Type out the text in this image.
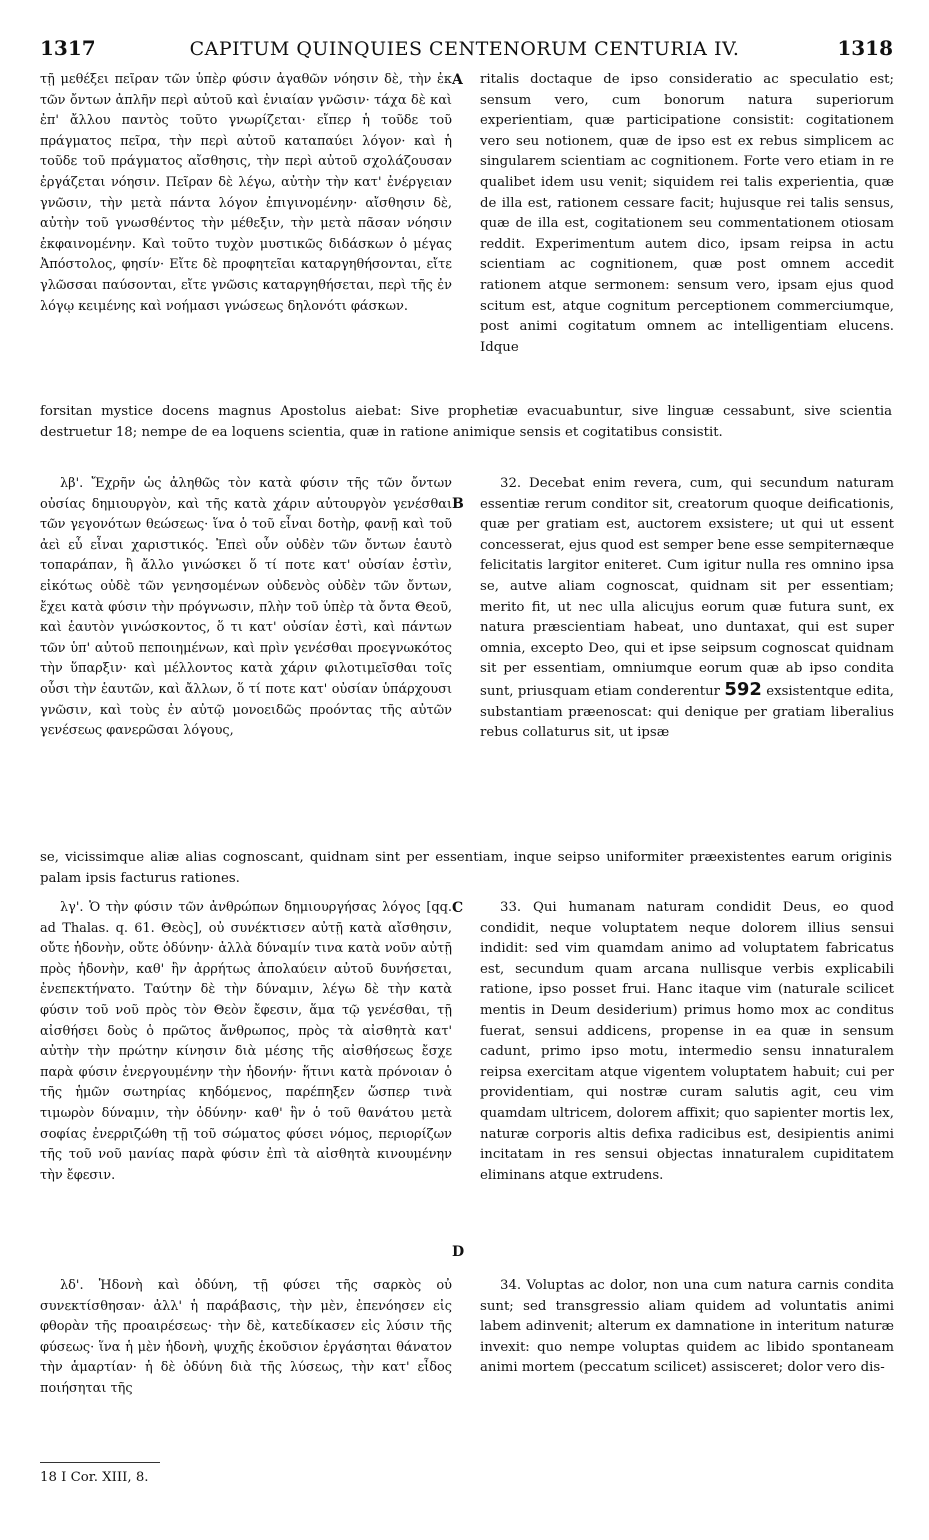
1317	CAPITUM QUINQUIES CENTENORUM CENTURIA IV.	1318
τῇ μεθέξει πεῖραν τῶν ὑπὲρ φύσιν ἀγαθῶν νόησιν δὲ, τὴν ἐκ τῶν ὄντων ἀπλῆν περὶ αὐτοῦ καὶ ἐνιαίαν γνῶσιν· τάχα δὲ καὶ ἐπ' ἄλλου παντὸς τοῦτο γνωρίζεται· εἴπερ ἡ τοῦδε τοῦ πράγματος πεῖρα, τὴν περὶ αὐτοῦ καταπαύει λόγον· καὶ ἡ τοῦδε τοῦ πράγματος αἴσθησις, τὴν περὶ αὐτοῦ σχολάζουσαν ἐργάζεται νόησιν. Πεῖραν δὲ λέγω, αὐτὴν τὴν κατ' ἐνέργειαν γνῶσιν, τὴν μετὰ πάντα λόγον ἐπιγινομένην· αἴσθησιν δὲ, αὐτὴν τοῦ γνωσθέντος τὴν μέθεξιν, τὴν μετὰ πᾶσαν νόησιν ἐκφαινομένην. Καὶ τοῦτο τυχὸν μυστικῶς διδάσκων ὁ μέγας Ἀπόστολος, φησίν· Εἴτε δὲ προφητεῖαι καταργηθήσονται, εἴτε γλῶσσαι παύσονται, εἴτε γνῶσις καταργηθήσεται, περὶ τῆς ἐν λόγῳ κειμένης καὶ νοήμασι γνώσεως δηλονότι φάσκων.
ritalis doctaque de ipso consideratio ac speculatio est; sensum vero, cum bonorum natura superiorum experientiam, quæ participatione consistit: cogitationem vero seu notionem, quæ de ipso est ex rebus simplicem ac singularem scientiam ac cognitionem. Forte vero etiam in re qualibet idem usu venit; siquidem rei talis experientia, quæ de illa est, rationem cessare facit; hujusque rei talis sensus, quæ de illa est, cogitationem seu commentationem otiosam reddit. Experimentum autem dico, ipsam reipsa in actu scientiam ac cognitionem, quæ post omnem accedit rationem atque sermonem: sensum vero, ipsam ejus quod scitum est, atque cognitum perceptionem commerciumque, post animi cogitatum omnem ac intelligentiam elucens. Idque
A
forsitan mystice docens magnus Apostolus aiebat: Sive prophetiæ evacuabuntur, sive linguæ cessabunt, sive scientia destruetur 18; nempe de ea loquens scientia, quæ in ratione animique sensis et cogitatibus consistit.
λβ'. Ἔχρῆν ὡς ἀληθῶς τὸν κατὰ φύσιν τῆς τῶν ὄντων οὐσίας δημιουργὸν, καὶ τῆς κατὰ χάριν αὐτουργὸν γενέσθαι τῶν γεγονότων θεώσεως· ἵνα ὁ τοῦ εἶναι δοτὴρ, φανῇ καὶ τοῦ ἀεὶ εὖ εἶναι χαριστικός. Ἐπεὶ οὖν οὐδὲν τῶν ὄντων ἑαυτὸ τοπαράπαν, ἢ ἄλλο γινώσκει ὅ τί ποτε κατ' οὐσίαν ἐστὶν, εἰκότως οὐδὲ τῶν γενησομένων οὐδενὸς οὐδὲν τῶν ὄντων, ἔχει κατὰ φύσιν τὴν πρόγνωσιν, πλὴν τοῦ ὑπὲρ τὰ ὄντα Θεοῦ, καὶ ἑαυτὸν γινώσκοντος, ὅ τι κατ' οὐσίαν ἐστὶ, καὶ πάντων τῶν ὑπ' αὐτοῦ πεποιημένων, καὶ πρὶν γενέσθαι προεγνωκότος τὴν ὕπαρξιν· καὶ μέλλοντος κατὰ χάριν φιλοτιμεῖσθαι τοῖς οὖσι τὴν ἑαυτῶν, καὶ ἄλλων, ὅ τί ποτε κατ' οὐσίαν ὑπάρχουσι γνῶσιν, καὶ τοὺς ἐν αὐτῷ μονοειδῶς προόντας τῆς αὐτῶν γενέσεως φανερῶσαι λόγους,
32. Decebat enim revera, cum, qui secundum naturam essentiæ rerum conditor sit, creatorum quoque deificationis, quæ per gratiam est, auctorem exsistere; ut qui ut essent concesserat, ejus quod est semper bene esse sempiternæque felicitatis largitor eniteret. Cum igitur nulla res omnino ipsa se, autve aliam cognoscat, quidnam sit per essentiam; merito fit, ut nec ulla alicujus eorum quæ futura sunt, ex natura præscientiam habeat, uno duntaxat, qui est super omnia, excepto Deo, qui et ipse seipsum cognoscat quidnam sit per essentiam, omniumque eorum quæ ab ipso condita sunt, priusquam etiam conderentur 592 exsistentque edita, substantiam præenoscat: qui denique per gratiam liberalius rebus collaturus sit, ut ipsæ
B
se, vicissimque aliæ alias cognoscant, quidnam sint per essentiam, inque seipso uniformiter præexistentes earum originis palam ipsis facturus rationes.
λγ'. Ὁ τὴν φύσιν τῶν ἀνθρώπων δημιουργήσας λόγος [qq. ad Thalas. q. 61. Θεὸς], οὐ συνέκτισεν αὐτῇ κατὰ αἴσθησιν, οὔτε ἡδονὴν, οὔτε ὀδύνην· ἀλλὰ δύναμίν τινα κατὰ νοῦν αὐτῇ πρὸς ἡδονὴν, καθ' ἣν ἀρρήτως ἀπολαύειν αὐτοῦ δυνήσεται, ἐνεπεκτήνατο. Ταύτην δὲ τὴν δύναμιν, λέγω δὲ τὴν κατὰ φύσιν τοῦ νοῦ πρὸς τὸν Θεὸν ἔφεσιν, ἅμα τῷ γενέσθαι, τῇ αἰσθήσει δοὺς ὁ πρῶτος ἄνθρωπος, πρὸς τὰ αἰσθητὰ κατ' αὐτὴν τὴν πρώτην κίνησιν διὰ μέσης τῆς αἰσθήσεως ἔσχε παρὰ φύσιν ἐνεργουμένην τὴν ἡδονήν· ἥτινι κατὰ πρόνοιαν ὁ τῆς ἡμῶν σωτηρίας κηδόμενος, παρέπηξεν ὥσπερ τινὰ τιμωρὸν δύναμιν, τὴν ὀδύνην· καθ' ἣν ὁ τοῦ θανάτου μετὰ σοφίας ἐνερριζώθη τῇ τοῦ σώματος φύσει νόμος, περιορίζων τῆς τοῦ νοῦ μανίας παρὰ φύσιν ἐπὶ τὰ αἰσθητὰ κινουμένην τὴν ἔφεσιν.
33. Qui humanam naturam condidit Deus, eo quod condidit, neque voluptatem neque dolorem illius sensui indidit: sed vim quamdam animo ad voluptatem fabricatus est, secundum quam arcana nullisque verbis explicabili ratione, ipso posset frui. Hanc itaque vim (naturale scilicet mentis in Deum desiderium) primus homo mox ac conditus fuerat, sensui addicens, propense in ea quæ in sensum cadunt, primo ipso motu, intermedio sensu innaturalem reipsa exercitam atque vigentem voluptatem habuit; cui per providentiam, qui nostræ curam salutis agit, ceu vim quamdam ultricem, dolorem affixit; quo sapienter mortis lex, naturæ corporis altis defixa radicibus est, desipientis animi incitatam in res sensui objectas innaturalem cupiditatem eliminans atque extrudens.
C
D
λδ'. Ἡδονὴ καὶ ὀδύνη, τῇ φύσει τῆς σαρκὸς οὐ συνεκτίσθησαν· ἀλλ' ἡ παράβασις, τὴν μὲν, ἐπενόησεν εἰς φθορὰν τῆς προαιρέσεως· τὴν δὲ, κατεδίκασεν εἰς λύσιν τῆς φύσεως· ἵνα ἡ μὲν ἡδονὴ, ψυχῆς ἑκοῦσιον ἐργάσηται θάνατον τὴν ἁμαρτίαν· ἡ δὲ ὀδύνη διὰ τῆς λύσεως, τὴν κατ' εἶδος ποιήσηται τῆς
34. Voluptas ac dolor, non una cum natura carnis condita sunt; sed transgressio aliam quidem ad voluntatis animi labem adinvenit; alterum ex damnatione in interitum naturæ invexit: quo nempe voluptas quidem ac libido spontaneam animi mortem (peccatum scilicet) assisceret; dolor vero dis-
18 I Cor. XIII, 8.
